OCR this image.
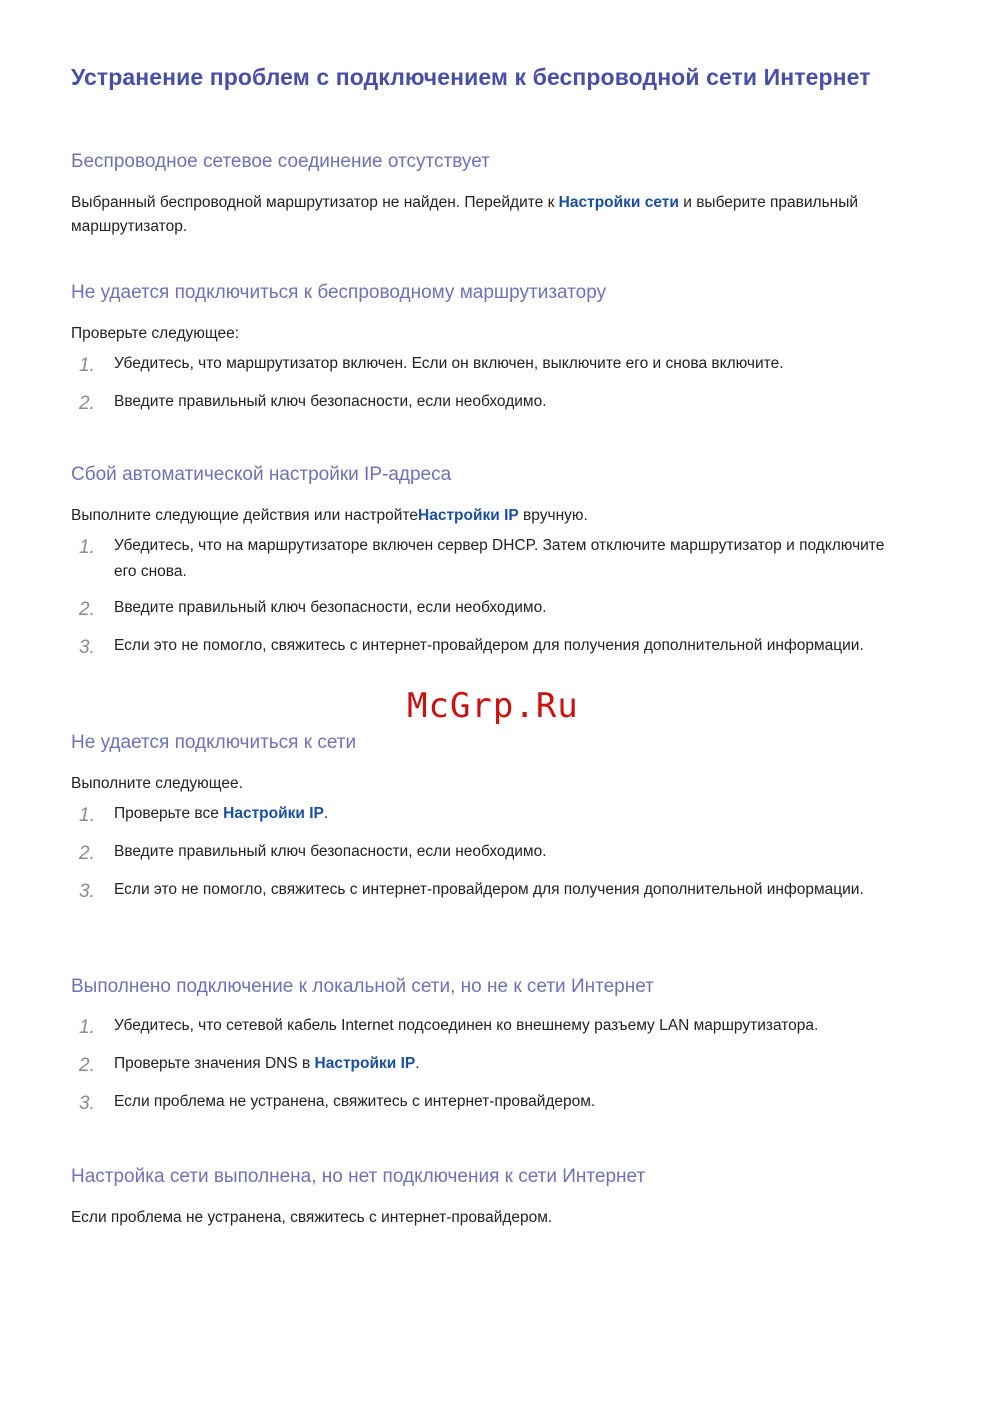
Устранение проблем с подключением к беспроводной сети Интернет
Беспроводное сетевое соединение отсутствует

Выбранный беспроводной маршрутизатор не найден. Перейдите к Настройки сети и выберите правильный маршрутизатор.

Не удается подключиться к беспроводному маршрутизатору

Проверьте следующее:

1. Убедитесь, что маршрутизатор включен. Если он включен, выключите его и снова включите.
2. Введите правильный ключ безопасности, если необходимо.
Сбой автоматической настройки IP-адреса

Выполните следующие действия или настройтеНастройки IP вручную.

1. Убедитесь, что на маршрутизаторе включен сервер DHCP. Затем отключите маршрутизатор и подключите его снова.
2. Введите правильный ключ безопасности, если необходимо.
3. Если это не помогло, свяжитесь с интернет-провайдером для получения дополнительной информации.

McGrp.Ru

Не удается подключиться к сети

Выполните следующее.

1. Проверьте все Настройки IP.
2. Введите правильный ключ безопасности, если необходимо.
3. Если это не помогло, свяжитесь с интернет-провайдером для получения дополнительной информации.
Выполнено подключение к локальной сети, но не к сети Интернет
1. Убедитесь, что сетевой кабель Internet подсоединен ко внешнему разъему LAN маршрутизатора.
2. Проверьте значения DNS в Настройки IP.
3. Если проблема не устранена, свяжитесь с интернет-провайдером.
Настройка сети выполнена, но нет подключения к сети Интернет

Если проблема не устранена, свяжитесь с интернет-провайдером.
